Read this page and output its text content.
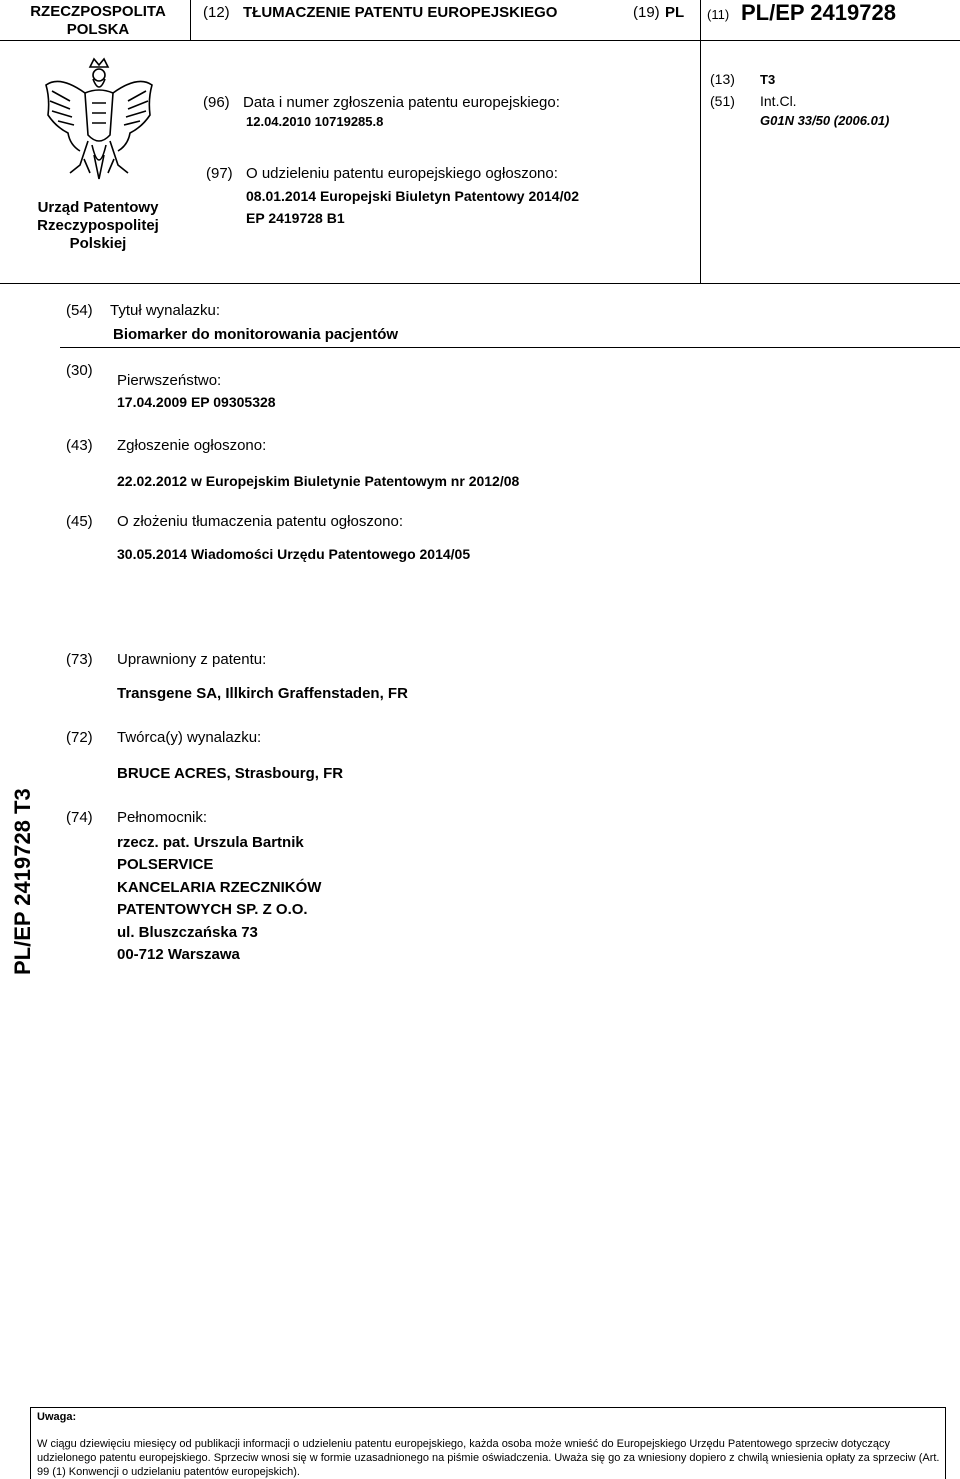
RZECZPOSPOLITA
POLSKA
(12) TŁUMACZENIE PATENTU EUROPEJSKIEGO	(19) PL (11) PL/EP 2419728
Urząd Patentowy
Rzeczypospolitej
Polskiej
(96) Data i numer zgłoszenia patentu europejskiego:
12.04.2010 10719285.8
(13) T3
(51) Int.Cl.
G01N 33/50 (2006.01)
(97) O udzieleniu patentu europejskiego ogłoszono:
08.01.2014 Europejski Biuletyn Patentowy 2014/02
EP 2419728 B1
(54) Tytuł wynalazku:
Biomarker do monitorowania pacjentów
(30)
Pierwszeństwo:
17.04.2009 EP 09305328
(43) Zgłoszenie ogłoszono:
22.02.2012 w Europejskim Biuletynie Patentowym nr 2012/08
(45) O złożeniu tłumaczenia patentu ogłoszono:
30.05.2014 Wiadomości Urzędu Patentowego 2014/05
(73) Uprawniony z patentu:
Transgene SA, Illkirch Graffenstaden, FR
(72) Twórca(y) wynalazku:
BRUCE ACRES, Strasbourg, FR
(74) Pełnomocnik:
rzecz. pat. Urszula Bartnik
POLSERVICE
KANCELARIA RZECZNIKÓW
PATENTOWYCH SP. Z O.O.
ul. Bluszczańska 73
00-712 Warszawa
PL/EP 2419728 T3
Uwaga:
W ciągu dziewięciu miesięcy od publikacji informacji o udzieleniu patentu europejskiego, każda osoba może wnieść do Europejskiego Urzędu Patentowego sprzeciw dotyczący udzielonego patentu europejskiego. Sprzeciw wnosi się w formie uzasadnionego na piśmie oświadczenia. Uważa się go za wniesiony dopiero z chwilą wniesienia opłaty za sprzeciw (Art. 99 (1) Konwencji o udzielaniu patentów europejskich).
